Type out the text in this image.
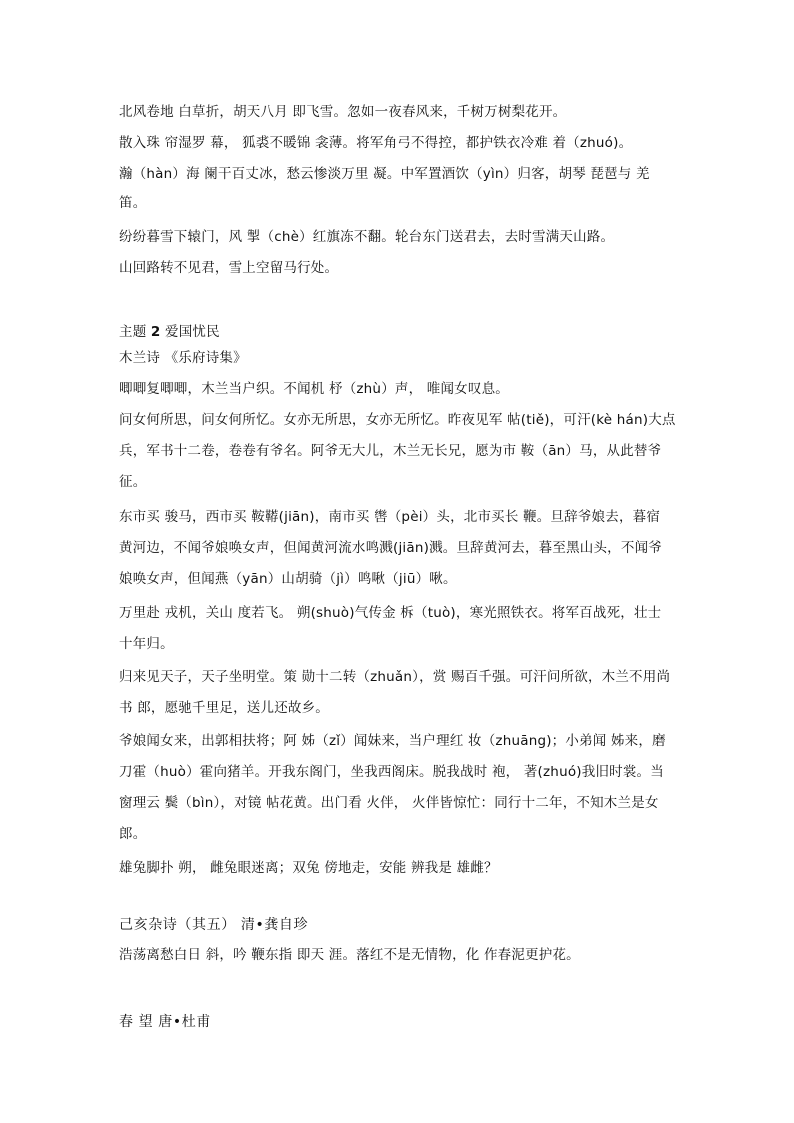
北风卷地 白草折，胡天八月 即飞雪。忽如一夜春风来，千树万树梨花开。
散入珠 帘湿罗 幕， 狐裘不暖锦 衾薄。将军角弓不得控，都护铁衣冷难 着（zhuó)。
瀚（hàn）海 阑干百丈冰，愁云惨淡万里 凝。中军置酒饮（yìn）归客，胡琴 琵琶与 羌
笛。
纷纷暮雪下辕门，风 掣（chè）红旗冻不翻。轮台东门送君去，去时雪满天山路。
山回路转不见君，雪上空留马行处。
主题 2 爱国忧民
木兰诗 《乐府诗集》
唧唧复唧唧，木兰当户织。不闻机 杼（zhù）声， 唯闻女叹息。
问女何所思，问女何所忆。女亦无所思，女亦无所忆。昨夜见军 帖(tiě)，可汗(kè hán)大点
兵，军书十二卷，卷卷有爷名。阿爷无大儿，木兰无长兄，愿为市 鞍（ān）马，从此替爷
征。
东市买 骏马，西市买 鞍鞯(jiān)，南市买 辔（pèi）头，北市买长 鞭。旦辞爷娘去，暮宿
黄河边，不闻爷娘唤女声，但闻黄河流水鸣溅(jiān)溅。旦辞黄河去，暮至黑山头，不闻爷
娘唤女声，但闻燕（yān）山胡骑（jì）鸣啾（jiū）啾。
万里赴 戎机，关山 度若飞。 朔(shuò)气传金 柝（tuò)，寒光照铁衣。将军百战死，壮士
十年归。
归来见天子，天子坐明堂。策 勋十二转（zhuǎn），赏 赐百千强。可汗问所欲，木兰不用尚
书 郎，愿驰千里足，送儿还故乡。
爷娘闻女来，出郭相扶将；阿 姊（zǐ）闻妹来，当户理红 妆（zhuāng)；小弟闻 姊来，磨
刀霍（huò）霍向猪羊。开我东阁门，坐我西阁床。脱我战时 袍， 著(zhuó)我旧时裳。当
窗理云 鬓（bìn），对镜 帖花黄。出门看 火伴， 火伴皆惊忙：同行十二年，不知木兰是女
郎。
雄兔脚扑 朔， 雌兔眼迷离；双兔 傍地走，安能 辨我是 雄雌？
己亥杂诗（其五） 清•龚自珍
浩荡离愁白日 斜，吟 鞭东指 即天 涯。落红不是无情物，化 作春泥更护花。
春 望 唐•杜甫
